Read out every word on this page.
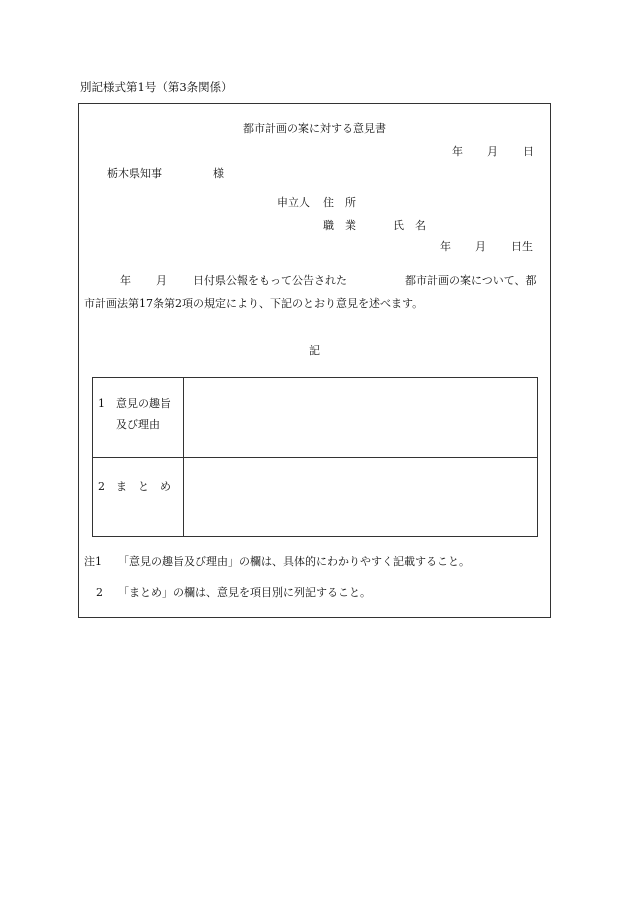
別記様式第1号（第3条関係）
都市計画の案に対する意見書
年 月 日
栃木県知事	様
申立人 住　所
職　業	氏　名
年 月 日生
年 月 日付県公報をもって公告された	都市計画の案について、都
市計画法第17条第2項の規定により、下記のとおり意見を述べます。
記
1 意見の趣旨
及び理由
2 ま　と　め
注1 「意見の趣旨及び理由」の欄は、具体的にわかりやすく記載すること。
2 「まとめ」の欄は、意見を項目別に列記すること。
